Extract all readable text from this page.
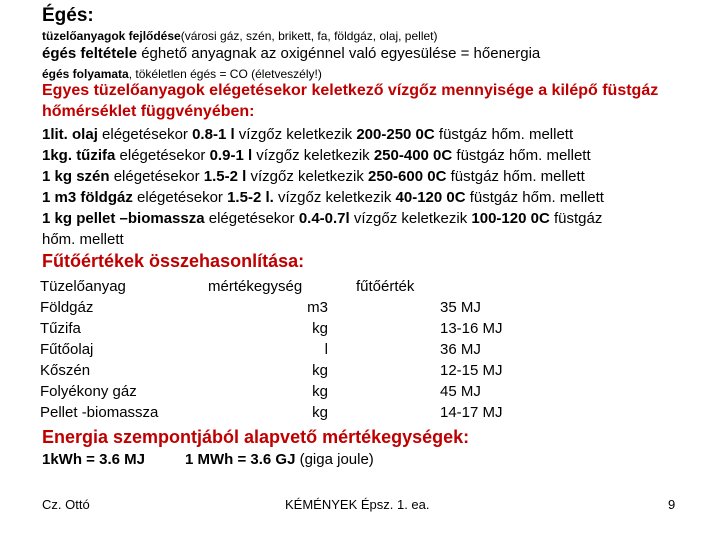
Égés:
tüzelőanyagok fejlődése(városi gáz, szén, brikett, fa, földgáz, olaj, pellet)
égés feltétele éghető anyagnak az oxigénnel való egyesülése = hőenergia
égés folyamata, tökéletlen égés = CO (életveszély!)
Egyes tüzelőanyagok elégetésekor keletkező vízgőz mennyisége a kilépő füstgáz hőmérséklet függvényében:
1lit. olaj elégetésekor 0.8-1 l vízgőz keletkezik 200-250 0C füstgáz hőm. mellett
1kg. tűzifa elégetésekor 0.9-1 l vízgőz keletkezik 250-400 0C füstgáz hőm. mellett
1 kg szén elégetésekor 1.5-2 l vízgőz keletkezik 250-600 0C füstgáz hőm. mellett
1 m3 földgáz elégetésekor 1.5-2 l. vízgőz keletkezik 40-120 0C füstgáz hőm. mellett
1 kg pellet –biomassza elégetésekor 0.4-0.7l vízgőz keletkezik 100-120 0C füstgáz
hőm. mellett
Fűtőértékek összehasonlítása:
Tüzelőanyag	mértékegység	fűtőérték
Földgáz	m3	35 MJ
Tűzifa	kg	13-16 MJ
Fűtőolaj	l	36 MJ
Kőszén	kg	12-15 MJ
Folyékony gáz	kg	45 MJ
Pellet -biomassza	kg	14-17 MJ
Energia szempontjából alapvető mértékegységek:
1kWh = 3.6 MJ	1 MWh = 3.6 GJ (giga joule)
Cz. Ottó	KÉMÉNYEK Épsz. 1. ea.	9
